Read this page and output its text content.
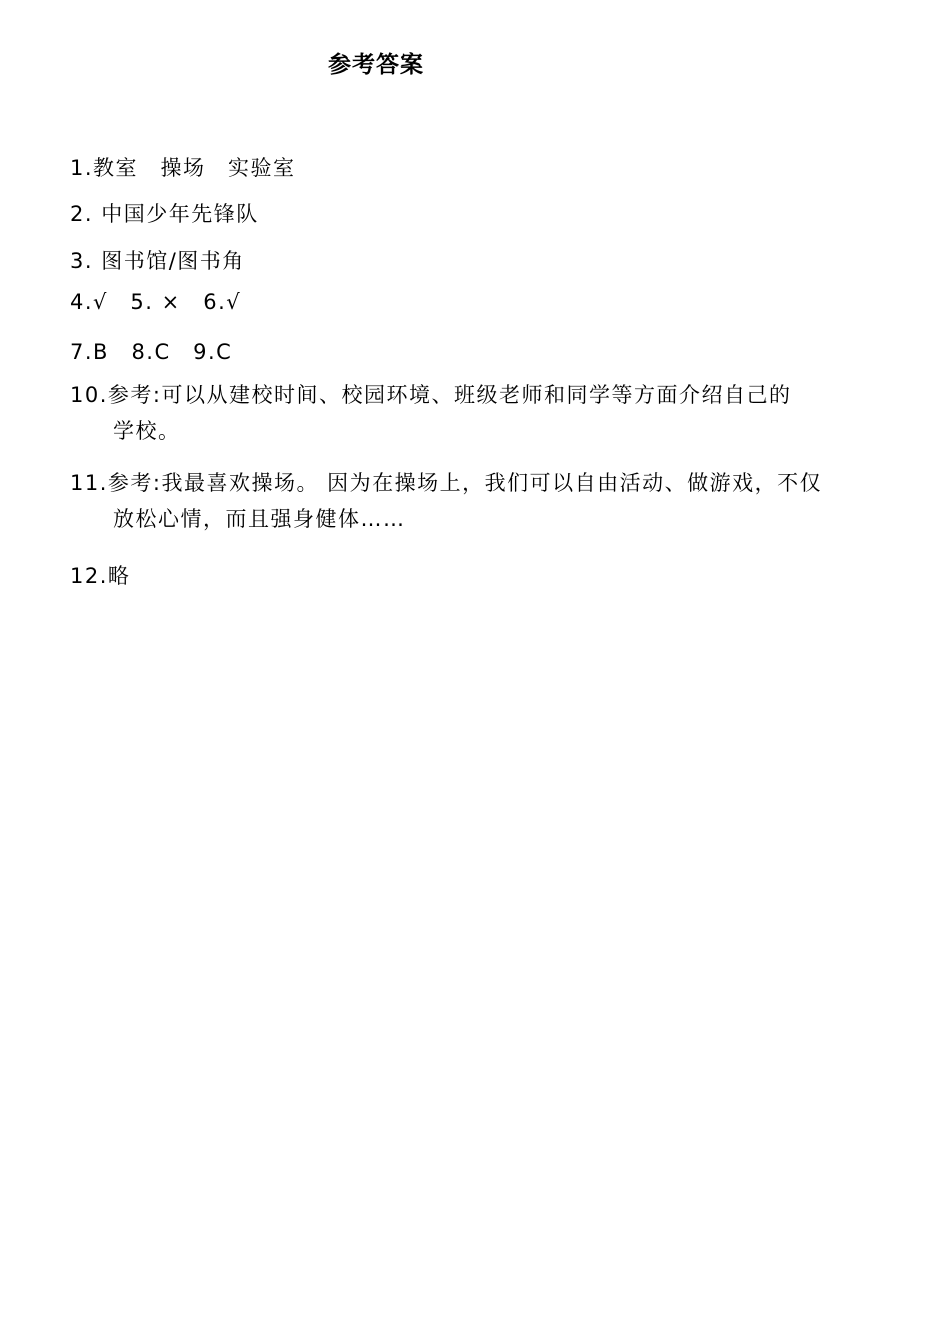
参考答案
1.教室　操场　实验室
2. 中国少年先锋队
3. 图书馆/图书角
4.√　5. ×　6.√
7.B　8.C　9.C
10.参考:可以从建校时间、校园环境、班级老师和同学等方面介绍自己的
学校。
11.参考:我最喜欢操场。 因为在操场上，我们可以自由活动、做游戏，不仅
放松心情，而且强身健体……
12.略
